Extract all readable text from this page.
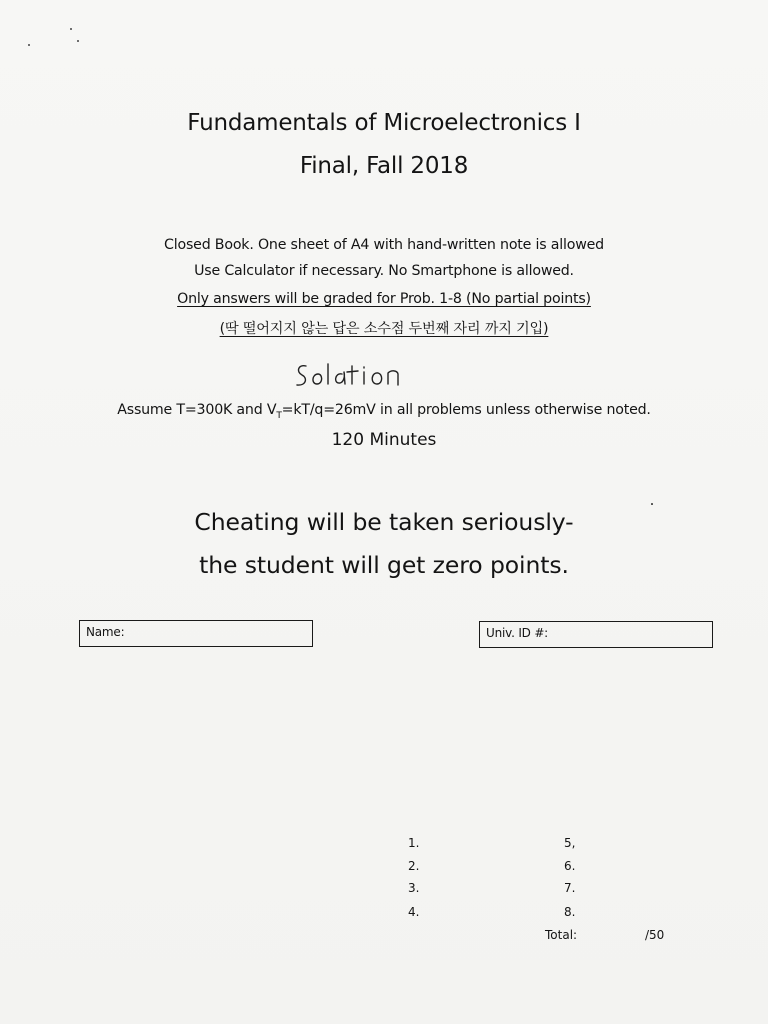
Fundamentals of Microelectronics I
Final, Fall 2018
Closed Book. One sheet of A4 with hand-written note is allowed
Use Calculator if necessary. No Smartphone is allowed.
Only answers will be graded for Prob. 1-8 (No partial points)
(딱 떨어지지 않는 답은 소수점 두번째 자리 까지 기입)
Assume T=300K and $V_T=kT/q=26mV$ in all problems unless otherwise noted.
120 Minutes
Cheating will be taken seriously-
the student will get zero points.
Name:	Univ. ID #:
1.
2.
3.
4.
5,
6.
7.
8.
Total:	/50
